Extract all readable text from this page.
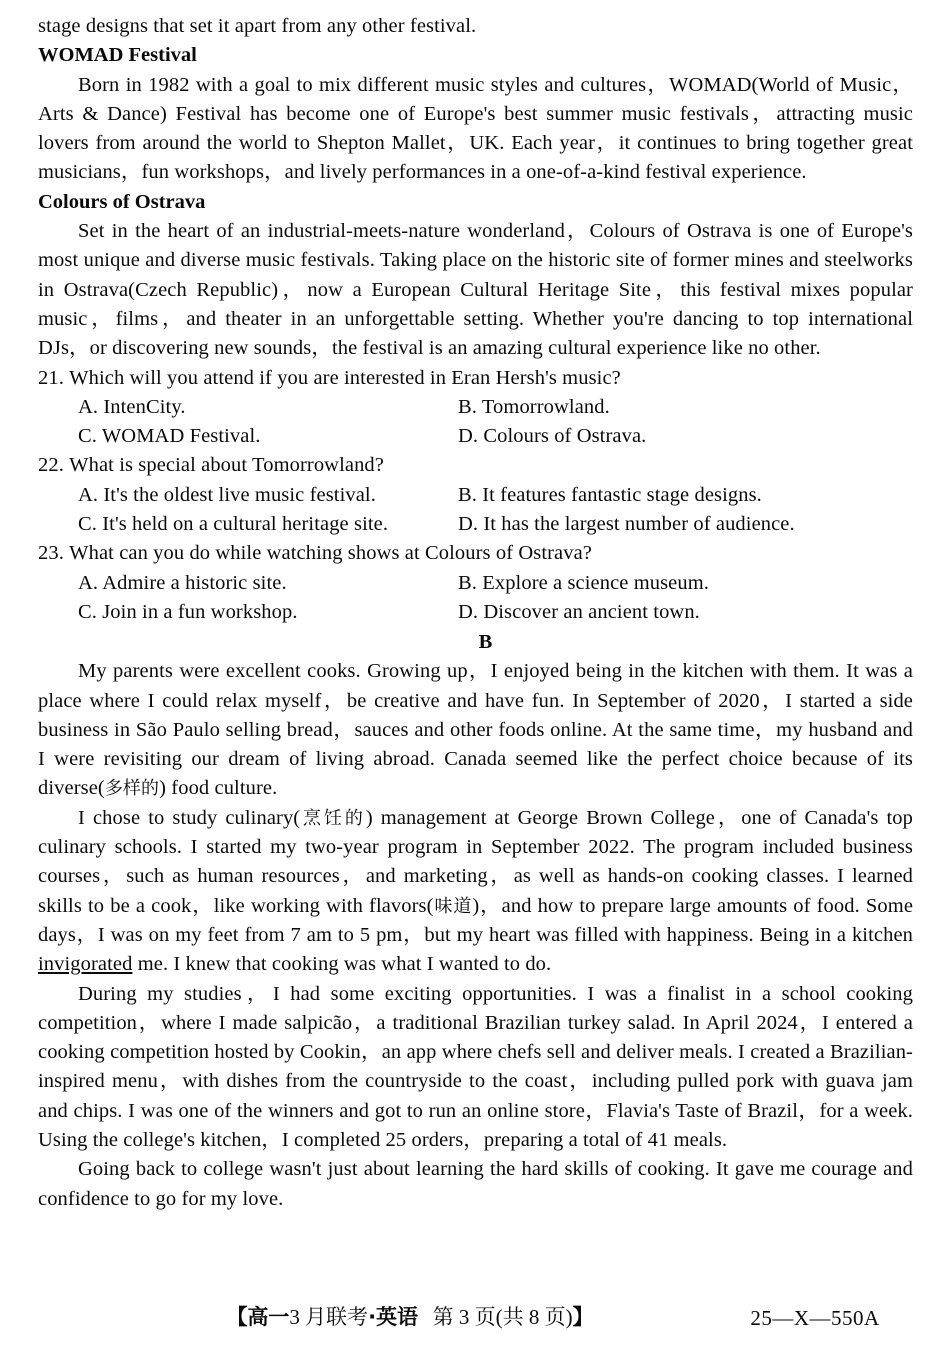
stage designs that set it apart from any other festival.

WOMAD Festival

Born in 1982 with a goal to mix different music styles and cultures，WOMAD(World of Music，Arts & Dance) Festival has become one of Europe's best summer music festivals，attracting music lovers from around the world to Shepton Mallet，UK. Each year，it continues to bring together great musicians，fun workshops，and lively performances in a one-of-a-kind festival experience.

Colours of Ostrava

Set in the heart of an industrial-meets-nature wonderland，Colours of Ostrava is one of Europe's most unique and diverse music festivals. Taking place on the historic site of former mines and steelworks in Ostrava(Czech Republic)，now a European Cultural Heritage Site，this festival mixes popular music，films，and theater in an unforgettable setting. Whether you're dancing to top international DJs，or discovering new sounds，the festival is an amazing cultural experience like no other.

21. Which will you attend if you are interested in Eran Hersh's music?
A. IntenCity.	B. Tomorrowland.
C. WOMAD Festival.	D. Colours of Ostrava.
22. What is special about Tomorrowland?
A. It's the oldest live music festival.	B. It features fantastic stage designs.
C. It's held on a cultural heritage site.	D. It has the largest number of audience.
23. What can you do while watching shows at Colours of Ostrava?
A. Admire a historic site.	B. Explore a science museum.
C. Join in a fun workshop.	D. Discover an ancient town.

B

My parents were excellent cooks. Growing up，I enjoyed being in the kitchen with them. It was a place where I could relax myself，be creative and have fun. In September of 2020，I started a side business in São Paulo selling bread，sauces and other foods online. At the same time，my husband and I were revisiting our dream of living abroad. Canada seemed like the perfect choice because of its diverse(多样的) food culture.

I chose to study culinary(烹饪的) management at George Brown College，one of Canada's top culinary schools. I started my two-year program in September 2022. The program included business courses，such as human resources，and marketing，as well as hands-on cooking classes. I learned skills to be a cook，like working with flavors(味道)，and how to prepare large amounts of food. Some days，I was on my feet from 7 am to 5 pm，but my heart was filled with happiness. Being in a kitchen invigorated me. I knew that cooking was what I wanted to do.

During my studies，I had some exciting opportunities. I was a finalist in a school cooking competition，where I made salpicão，a traditional Brazilian turkey salad. In April 2024，I entered a cooking competition hosted by Cookin，an app where chefs sell and deliver meals. I created a Brazilian-inspired menu，with dishes from the countryside to the coast，including pulled pork with guava jam and chips. I was one of the winners and got to run an online store，Flavia's Taste of Brazil，for a week. Using the college's kitchen，I completed 25 orders，preparing a total of 41 meals.

Going back to college wasn't just about learning the hard skills of cooking. It gave me courage and confidence to go for my love.

【高一3 月联考·英语 第 3 页(共 8 页)】	25—X—550A
